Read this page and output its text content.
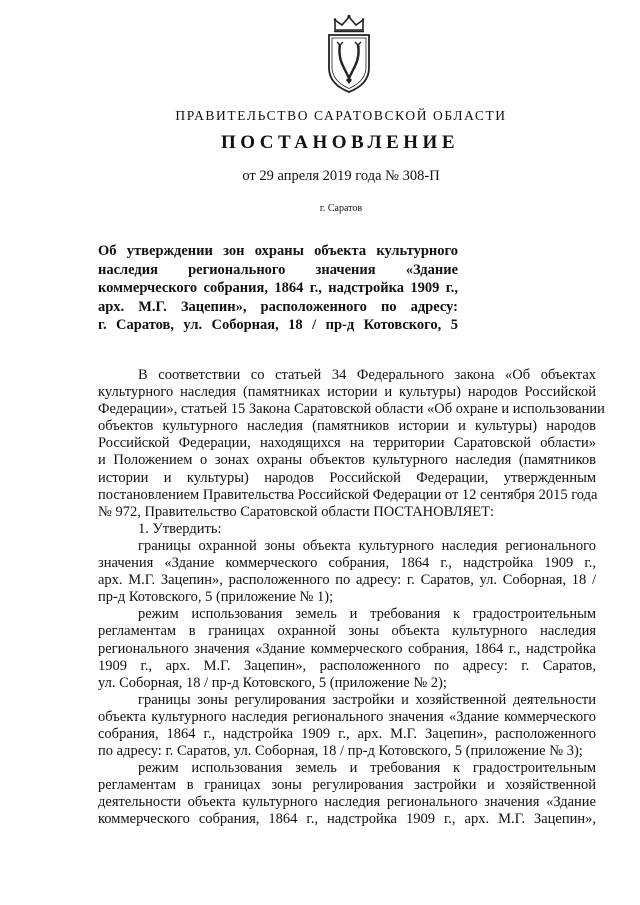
ПРАВИТЕЛЬСТВО САРАТОВСКОЙ ОБЛАСТИ
ПОСТАНОВЛЕНИЕ
от 29 апреля 2019 года № 308-П
г. Саратов
Об утверждении зон охраны объекта культурного
наследия регионального значения «Здание
коммерческого собрания, 1864 г., надстройка 1909 г.,
арх. М.Г. Зацепин», расположенного по адресу:
г. Саратов, ул. Соборная, 18 / пр-д Котовского, 5
В соответствии со статьей 34 Федерального закона «Об объектах
культурного наследия (памятниках истории и культуры) народов Российской
Федерации», статьей 15 Закона Саратовской области «Об охране и использовании
объектов культурного наследия (памятников истории и культуры) народов
Российской Федерации, находящихся на территории Саратовской области»
и Положением о зонах охраны объектов культурного наследия (памятников
истории и культуры) народов Российской Федерации, утвержденным
постановлением Правительства Российской Федерации от 12 сентября 2015 года
№ 972, Правительство Саратовской области ПОСТАНОВЛЯЕТ:
1. Утвердить:
границы охранной зоны объекта культурного наследия регионального
значения «Здание коммерческого собрания, 1864 г., надстройка 1909 г.,
арх. М.Г. Зацепин», расположенного по адресу: г. Саратов, ул. Соборная, 18 /
пр-д Котовского, 5 (приложение № 1);
режим использования земель и требования к градостроительным
регламентам в границах охранной зоны объекта культурного наследия
регионального значения «Здание коммерческого собрания, 1864 г., надстройка
1909 г., арх. М.Г. Зацепин», расположенного по адресу: г. Саратов,
ул. Соборная, 18 / пр-д Котовского, 5 (приложение № 2);
границы зоны регулирования застройки и хозяйственной деятельности
объекта культурного наследия регионального значения «Здание коммерческого
собрания, 1864 г., надстройка 1909 г., арх. М.Г. Зацепин», расположенного
по адресу: г. Саратов, ул. Соборная, 18 / пр-д Котовского, 5 (приложение № 3);
режим использования земель и требования к градостроительным
регламентам в границах зоны регулирования застройки и хозяйственной
деятельности объекта культурного наследия регионального значения «Здание
коммерческого собрания, 1864 г., надстройка 1909 г., арх. М.Г. Зацепин»,
